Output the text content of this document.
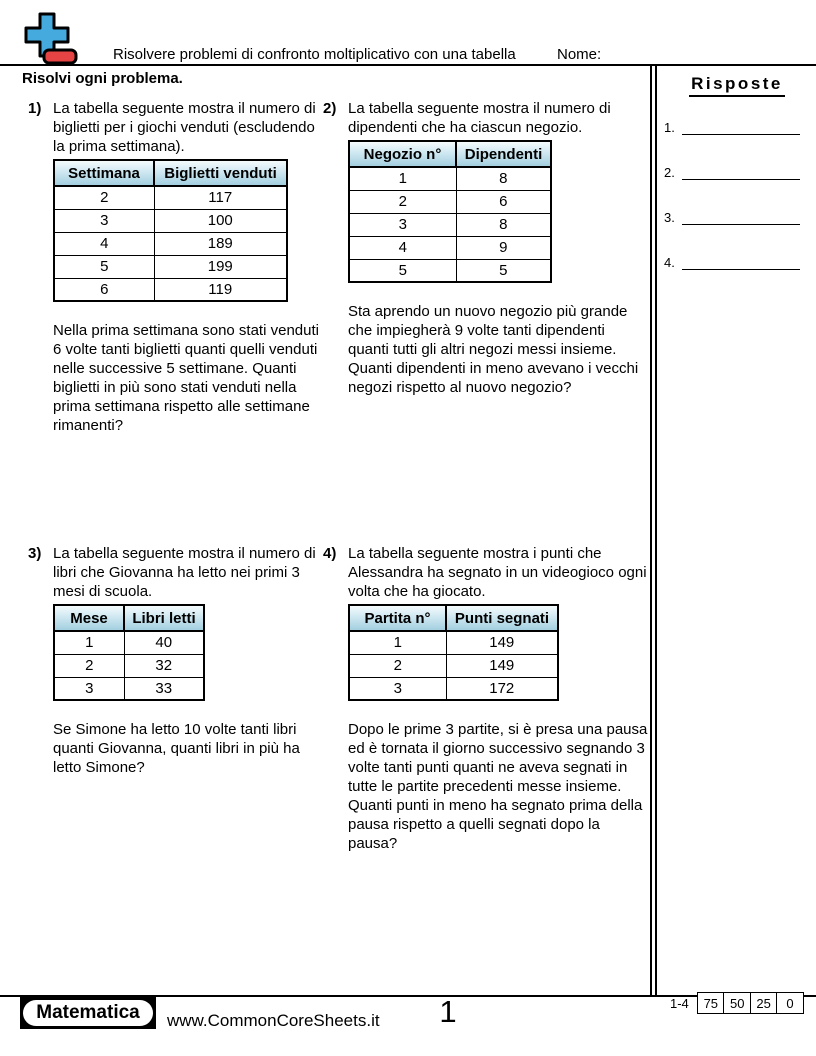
Risolvere problemi di confronto moltiplicativo con una tabella	Nome:
Risolvi ogni problema.
1) La tabella seguente mostra il numero di biglietti per i giochi venduti (escludendo la prima settimana).

Settimana	Biglietti venduti
2	117
3	100
4	189
5	199
6	119

Nella prima settimana sono stati venduti 6 volte tanti biglietti quanti quelli venduti nelle successive 5 settimane. Quanti biglietti in più sono stati venduti nella prima settimana rispetto alle settimane rimanenti?

2) La tabella seguente mostra il numero di dipendenti che ha ciascun negozio.

Negozio n°	Dipendenti
1	8
2	6
3	8
4	9
5	5

Sta aprendo un nuovo negozio più grande che impiegherà 9 volte tanti dipendenti quanti tutti gli altri negozi messi insieme. Quanti dipendenti in meno avevano i vecchi negozi rispetto al nuovo negozio?

3) La tabella seguente mostra il numero di libri che Giovanna ha letto nei primi 3 mesi di scuola.

Mese	Libri letti
1	40
2	32
3	33

Se Simone ha letto 10 volte tanti libri quanti Giovanna, quanti libri in più ha letto Simone?

4) La tabella seguente mostra i punti che Alessandra ha segnato in un videogioco ogni volta che ha giocato.

Partita n°	Punti segnati
1	149
2	149
3	172

Dopo le prime 3 partite, si è presa una pausa ed è tornata il giorno successivo segnando 3 volte tanti punti quanti ne aveva segnati in tutte le partite precedenti messe insieme. Quanti punti in meno ha segnato prima della pausa rispetto a quelli segnati dopo la pausa?

Risposte
1.
2.
3.
4.
Matematica	www.CommonCoreSheets.it	1	1-4	75 50 25	0
